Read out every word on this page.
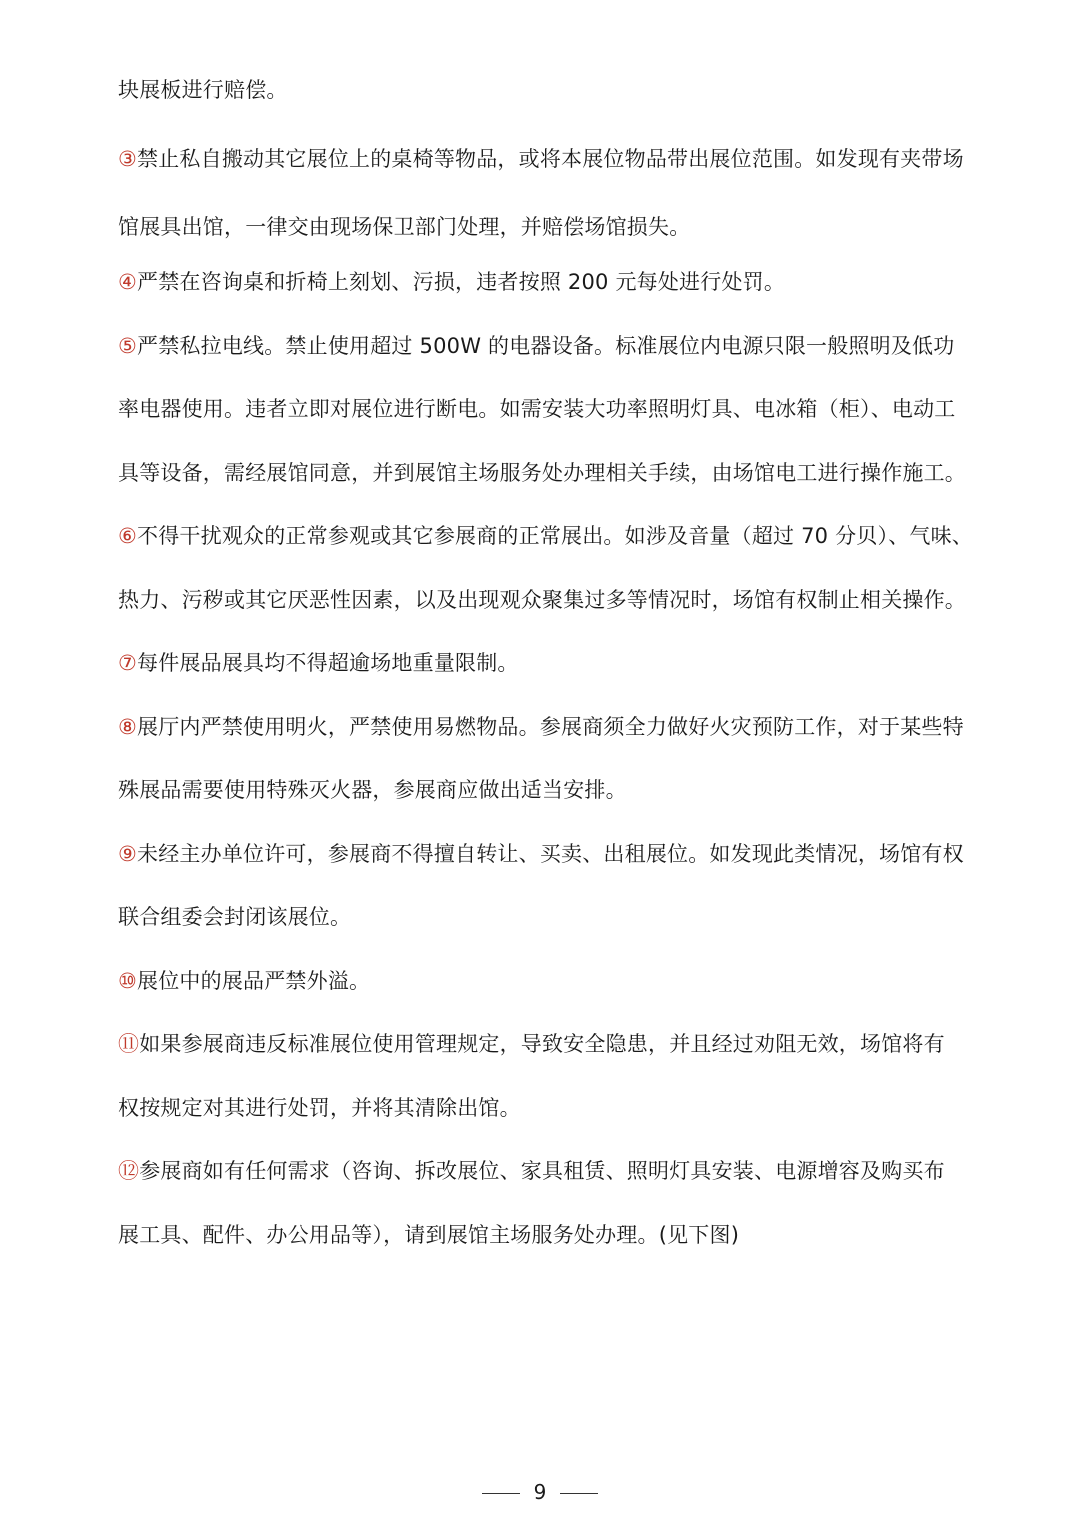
块展板进行赔偿。
③禁止私自搬动其它展位上的桌椅等物品，或将本展位物品带出展位范围。如发现有夹带场
馆展具出馆，一律交由现场保卫部门处理，并赔偿场馆损失。
④严禁在咨询桌和折椅上刻划、污损，违者按照 200 元每处进行处罚。
⑤严禁私拉电线。禁止使用超过 500W 的电器设备。标准展位内电源只限一般照明及低功
率电器使用。违者立即对展位进行断电。如需安装大功率照明灯具、电冰箱（柜）、电动工
具等设备，需经展馆同意，并到展馆主场服务处办理相关手续，由场馆电工进行操作施工。
⑥不得干扰观众的正常参观或其它参展商的正常展出。如涉及音量（超过 70 分贝）、气味、
热力、污秽或其它厌恶性因素，以及出现观众聚集过多等情况时，场馆有权制止相关操作。
⑦每件展品展具均不得超逾场地重量限制。
⑧展厅内严禁使用明火，严禁使用易燃物品。参展商须全力做好火灾预防工作，对于某些特
殊展品需要使用特殊灭火器，参展商应做出适当安排。
⑨未经主办单位许可，参展商不得擅自转让、买卖、出租展位。如发现此类情况，场馆有权
联合组委会封闭该展位。
⑩展位中的展品严禁外溢。
⑪如果参展商违反标准展位使用管理规定，导致安全隐患，并且经过劝阻无效，场馆将有
权按规定对其进行处罚，并将其清除出馆。
⑫参展商如有任何需求（咨询、拆改展位、家具租赁、照明灯具安装、电源增容及购买布
展工具、配件、办公用品等），请到展馆主场服务处办理。(见下图)
9
